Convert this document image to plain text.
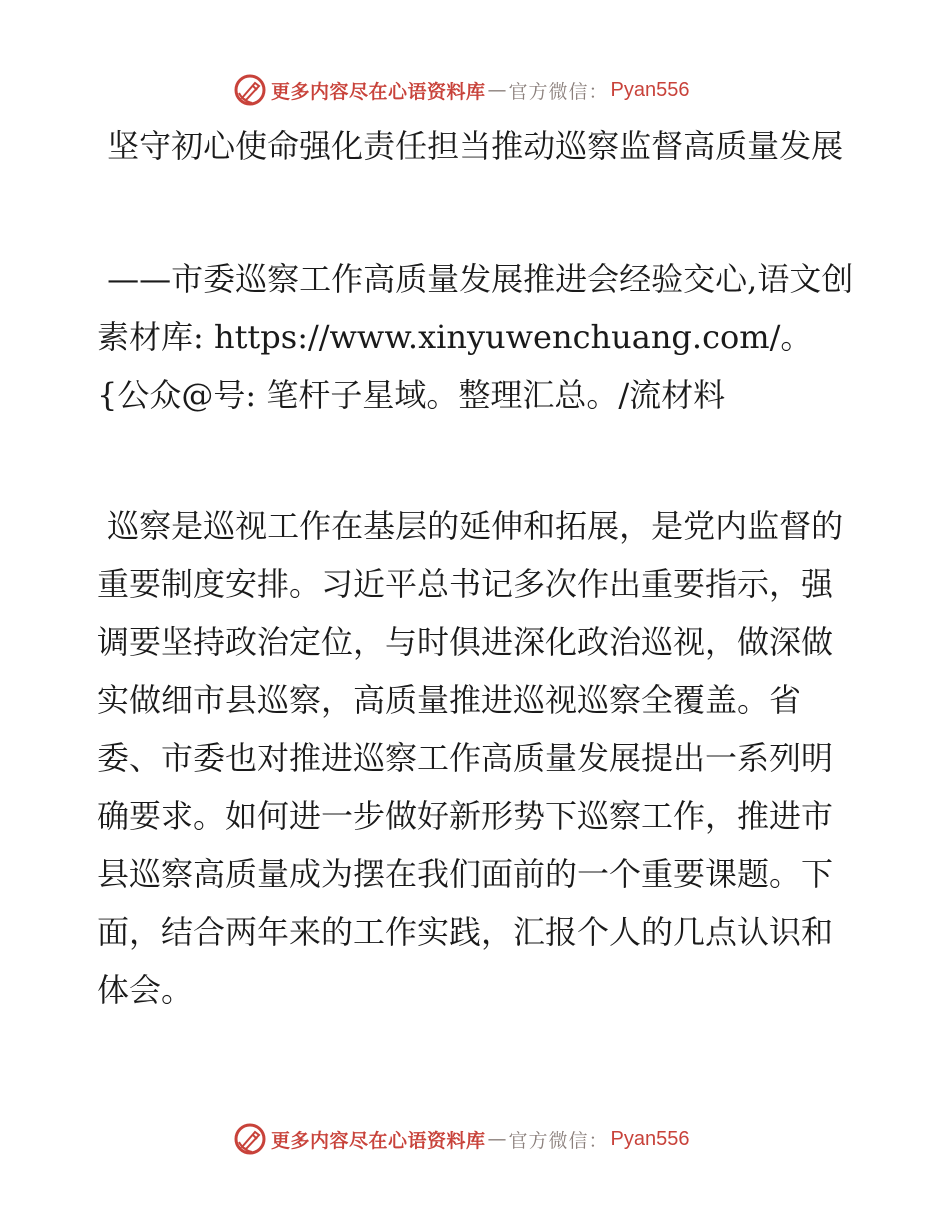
更多内容尽在心语资料库 — 官方微信： Pyan556

坚守初心使命强化责任担当推动巡察监督高质量发展

——市委巡察工作高质量发展推进会经验交心,语文创素材库: https://www.xinyuwenchuang.com/。{公众@号: 笔杆子星域。整理汇总。/流材料

巡察是巡视工作在基层的延伸和拓展，是党内监督的重要制度安排。习近平总书记多次作出重要指示，强调要坚持政治定位，与时俱进深化政治巡视，做深做实做细市县巡察，高质量推进巡视巡察全覆盖。省委、市委也对推进巡察工作高质量发展提出一系列明确要求。如何进一步做好新形势下巡察工作，推进市县巡察高质量成为摆在我们面前的一个重要课题。下面，结合两年来的工作实践，汇报个人的几点认识和体会。

更多内容尽在心语资料库 — 官方微信： Pyan556
